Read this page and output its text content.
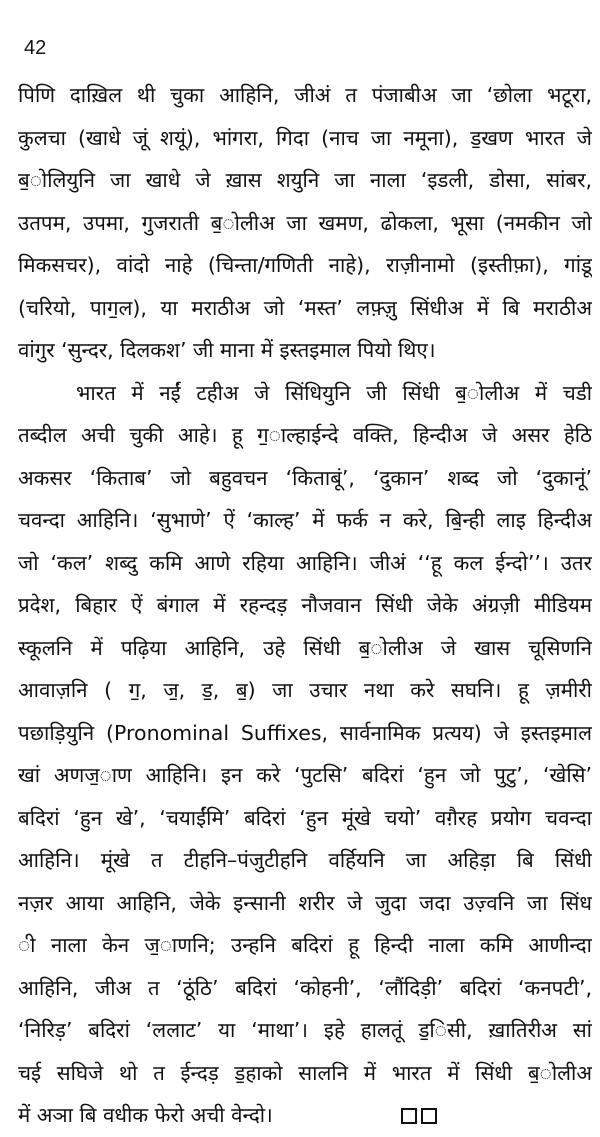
42
पिणि दाख़िल थी चुका आहिनि, जीअं त पंजाबीअ जा ‘छोला भटूरा,
कुलचा (खाधे जूं शयूं), भांगरा, गिदा (नाच जा नमूना), ड॒खण भारत जे
ब॒ोलियुनि जा खाधे जे ख़ास शयुनि जा नाला ‘इडली, डोसा, सांबर,
उतपम, उपमा, गुजराती ब॒ोलीअ जा खमण, ढोकला, भूसा (नमकीन जो
मिकसचर), वांदो नाहे (चिन्ता/गणिती नाहे), राज़ीनामो (इस्तीफ़ा), गांडू
(चरियो, पाग॒ल), या मराठीअ जो ‘मस्त’ लफ़्ज़ु सिंधीअ में बि मराठीअ
वांगुर ‘सुन्दर, दिलकश’ जी माना में इस्तइमाल पियो थिए।
भारत में नईं टहीअ जे सिंधियुनि जी सिंधी ब॒ोलीअ में चडी
तब्दील अची चुकी आहे। हू ग॒ाल्हाईन्दे वक्ति, हिन्दीअ जे असर हेठि
अकसर ‘किताब’ जो बहुवचन ‘किताबूं’, ‘दुकान’ शब्द जो ‘दुकानूं’
चवन्दा आहिनि। ‘सुभाणे’ ऐं ‘काल्ह’ में फर्क न करे, बि॒न्ही लाइ हिन्दीअ
जो ‘कल’ शब्दु कमि आणे रहिया आहिनि। जीअं ‘‘हू कल ईन्दो’’। उतर
प्रदेश, बिहार ऐं बंगाल में रहन्दड़ नौजवान सिंधी जेके अंग्रज़ी मीडियम
स्कूलनि में पढ़िया आहिनि, उहे सिंधी ब॒ोलीअ जे खास चूसिणनि
आवाज़नि ( ग॒, ज॒, ड॒, ब॒) जा उचार नथा करे सघनि। हू ज़मीरी
पछाड़ियुनि (Pronominal Suffixes, सार्वनामिक प्रत्यय) जे इस्तइमाल
खां अणज॒ाण आहिनि। इन करे ‘पुटसि’ बदिरां ‘हुन जो पुटु’, ‘खेसि’
बदिरां ‘हुन खे’, ‘चयाईंमि’ बदिरां ‘हुन मूंखे चयो’ वग़ैरह प्रयोग चवन्दा
आहिनि। मूंखे त टीहनि–पंजुटीहनि वर्हियनि जा अहिड़ा बि सिंधी
नज़र आया आहिनि, जेके इन्सानी शरीर जे जुदा जदा उज़्वनि जा सिंध
ी नाला केन ज॒ाणनि; उन्हनि बदिरां हू हिन्दी नाला कमि आणीन्दा
आहिनि, जीअ त ‘ठूंठि’ बदिरां ‘कोहनी’, ‘लौंदिड़ी’ बदिरां ‘कनपटी’,
‘निरिड़’ बदिरां ‘ललाट’ या ‘माथा’। इहे हालतूं ड॒िसी, ख़ातिरीअ सां
चई सघिजे थो त ईन्दड़ ड॒हाको सालनि में भारत में सिंधी ब॒ोलीअ
में अञा बि वधीक फेरो अची वेन्दो।
